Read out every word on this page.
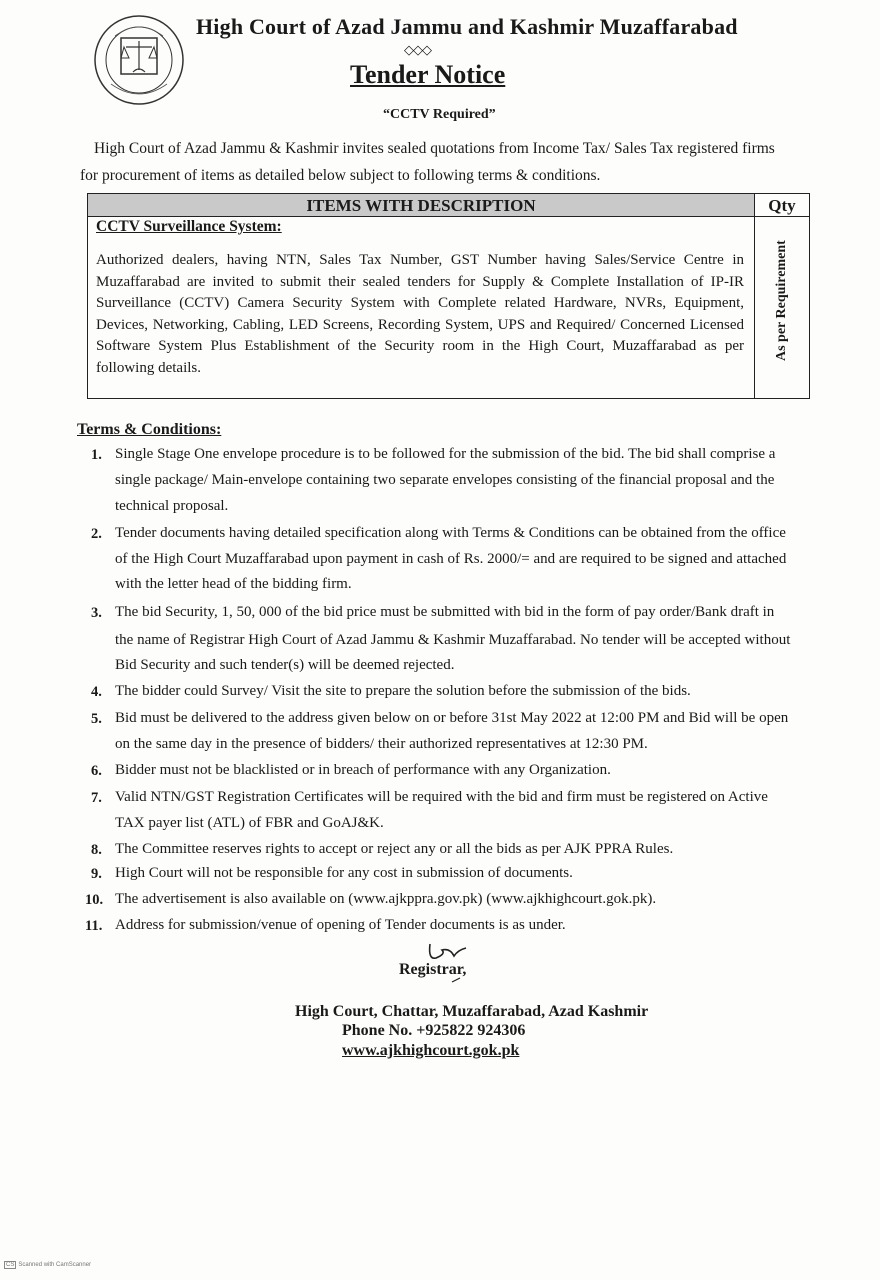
High Court of Azad Jammu and Kashmir Muzaffarabad
◇◇◇
Tender Notice
“CCTV Required”
High Court of Azad Jammu & Kashmir invites sealed quotations from Income Tax/ Sales Tax registered firms
for procurement of items as detailed below subject to following terms & conditions.
ITEMS WITH DESCRIPTION	Qty
CCTV Surveillance System:
Authorized dealers, having NTN, Sales Tax Number, GST Number having Sales/Service Centre in Muzaffarabad are invited to submit their sealed tenders for Supply & Complete Installation of IP-IR Surveillance (CCTV) Camera Security System with Complete related Hardware, NVRs, Equipment, Devices, Networking, Cabling, LED Screens, Recording System, UPS and Required/ Concerned Licensed Software System Plus Establishment of the Security room in the High Court, Muzaffarabad as per following details.
As per Requirement
Terms & Conditions:
1. Single Stage One envelope procedure is to be followed for the submission of the bid. The bid shall comprise a
single package/ Main-envelope containing two separate envelopes consisting of the financial proposal and the
technical proposal.
2. Tender documents having detailed specification along with Terms & Conditions can be obtained from the office
of the High Court Muzaffarabad upon payment in cash of Rs. 2000/= and are required to be signed and attached
with the letter head of the bidding firm.
3. The bid Security, 1, 50, 000 of the bid price must be submitted with bid in the form of pay order/Bank draft in
the name of Registrar High Court of Azad Jammu & Kashmir Muzaffarabad. No tender will be accepted without
Bid Security and such tender(s) will be deemed rejected.
4. The bidder could Survey/ Visit the site to prepare the solution before the submission of the bids.
5. Bid must be delivered to the address given below on or before 31st May 2022 at 12:00 PM and Bid will be open
on the same day in the presence of bidders/ their authorized representatives at 12:30 PM.
6. Bidder must not be blacklisted or in breach of performance with any Organization.
7. Valid NTN/GST Registration Certificates will be required with the bid and firm must be registered on Active
TAX payer list (ATL) of FBR and GoAJ&K.
8. The Committee reserves rights to accept or reject any or all the bids as per AJK PPRA Rules.
9. High Court will not be responsible for any cost in submission of documents.
10. The advertisement is also available on (www.ajkppra.gov.pk) (www.ajkhighcourt.gok.pk).
11. Address for submission/venue of opening of Tender documents is as under.
Registrar,
High Court, Chattar, Muzaffarabad, Azad Kashmir
Phone No. +925822 924306
www.ajkhighcourt.gok.pk
CS Scanned with CamScanner
